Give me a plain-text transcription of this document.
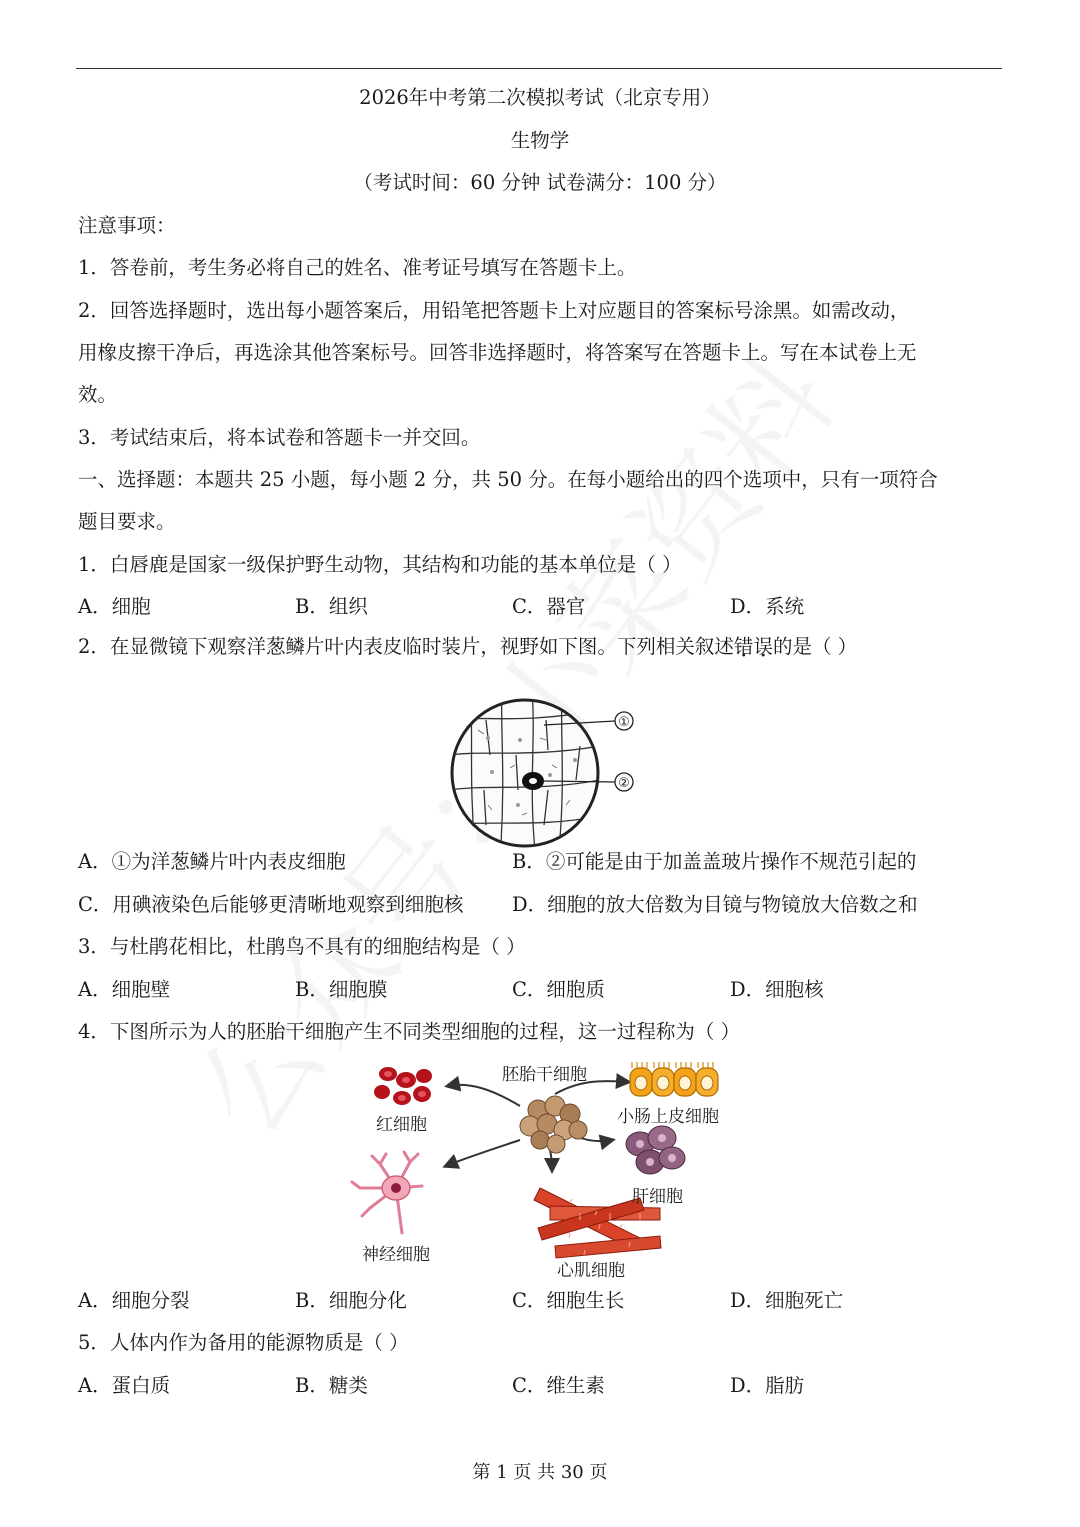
2026年中考第二次模拟考试（北京专用）
生物学
（考试时间：60 分钟 试卷满分：100 分）
注意事项：
1．答卷前，考生务必将自己的姓名、准考证号填写在答题卡上。
2．回答选择题时，选出每小题答案后，用铅笔把答题卡上对应题目的答案标号涂黑。如需改动，
用橡皮擦干净后，再选涂其他答案标号。回答非选择题时，将答案写在答题卡上。写在本试卷上无
效。
3．考试结束后，将本试卷和答题卡一并交回。
一、选择题：本题共 25 小题，每小题 2 分，共 50 分。在每小题给出的四个选项中，只有一项符合
题目要求。
1．白唇鹿是国家一级保护野生动物，其结构和功能的基本单位是（ ）
A．细胞	B．组织	C．器官	D．系统
2．在显微镜下观察洋葱鳞片叶内表皮临时装片，视野如下图。下列相关叙述错误的是（ ）
①
②
A．①为洋葱鳞片叶内表皮细胞	B．②可能是由于加盖盖玻片操作不规范引起的
C．用碘液染色后能够更清晰地观察到细胞核 D．细胞的放大倍数为目镜与物镜放大倍数之和
3．与杜鹃花相比，杜鹃鸟不具有的细胞结构是（ ）
A．细胞壁	B．细胞膜	C．细胞质	D．细胞核
4．下图所示为人的胚胎干细胞产生不同类型细胞的过程，这一过程称为（ ）
胚胎干细胞
红细胞	小肠上皮细胞
肝细胞
神经细胞
心肌细胞
A．细胞分裂	B．细胞分化	C．细胞生长	D．细胞死亡
5．人体内作为备用的能源物质是（ ）
A．蛋白质	B．糖类	C．维生素	D．脂肪
第 1 页 共 30 页
